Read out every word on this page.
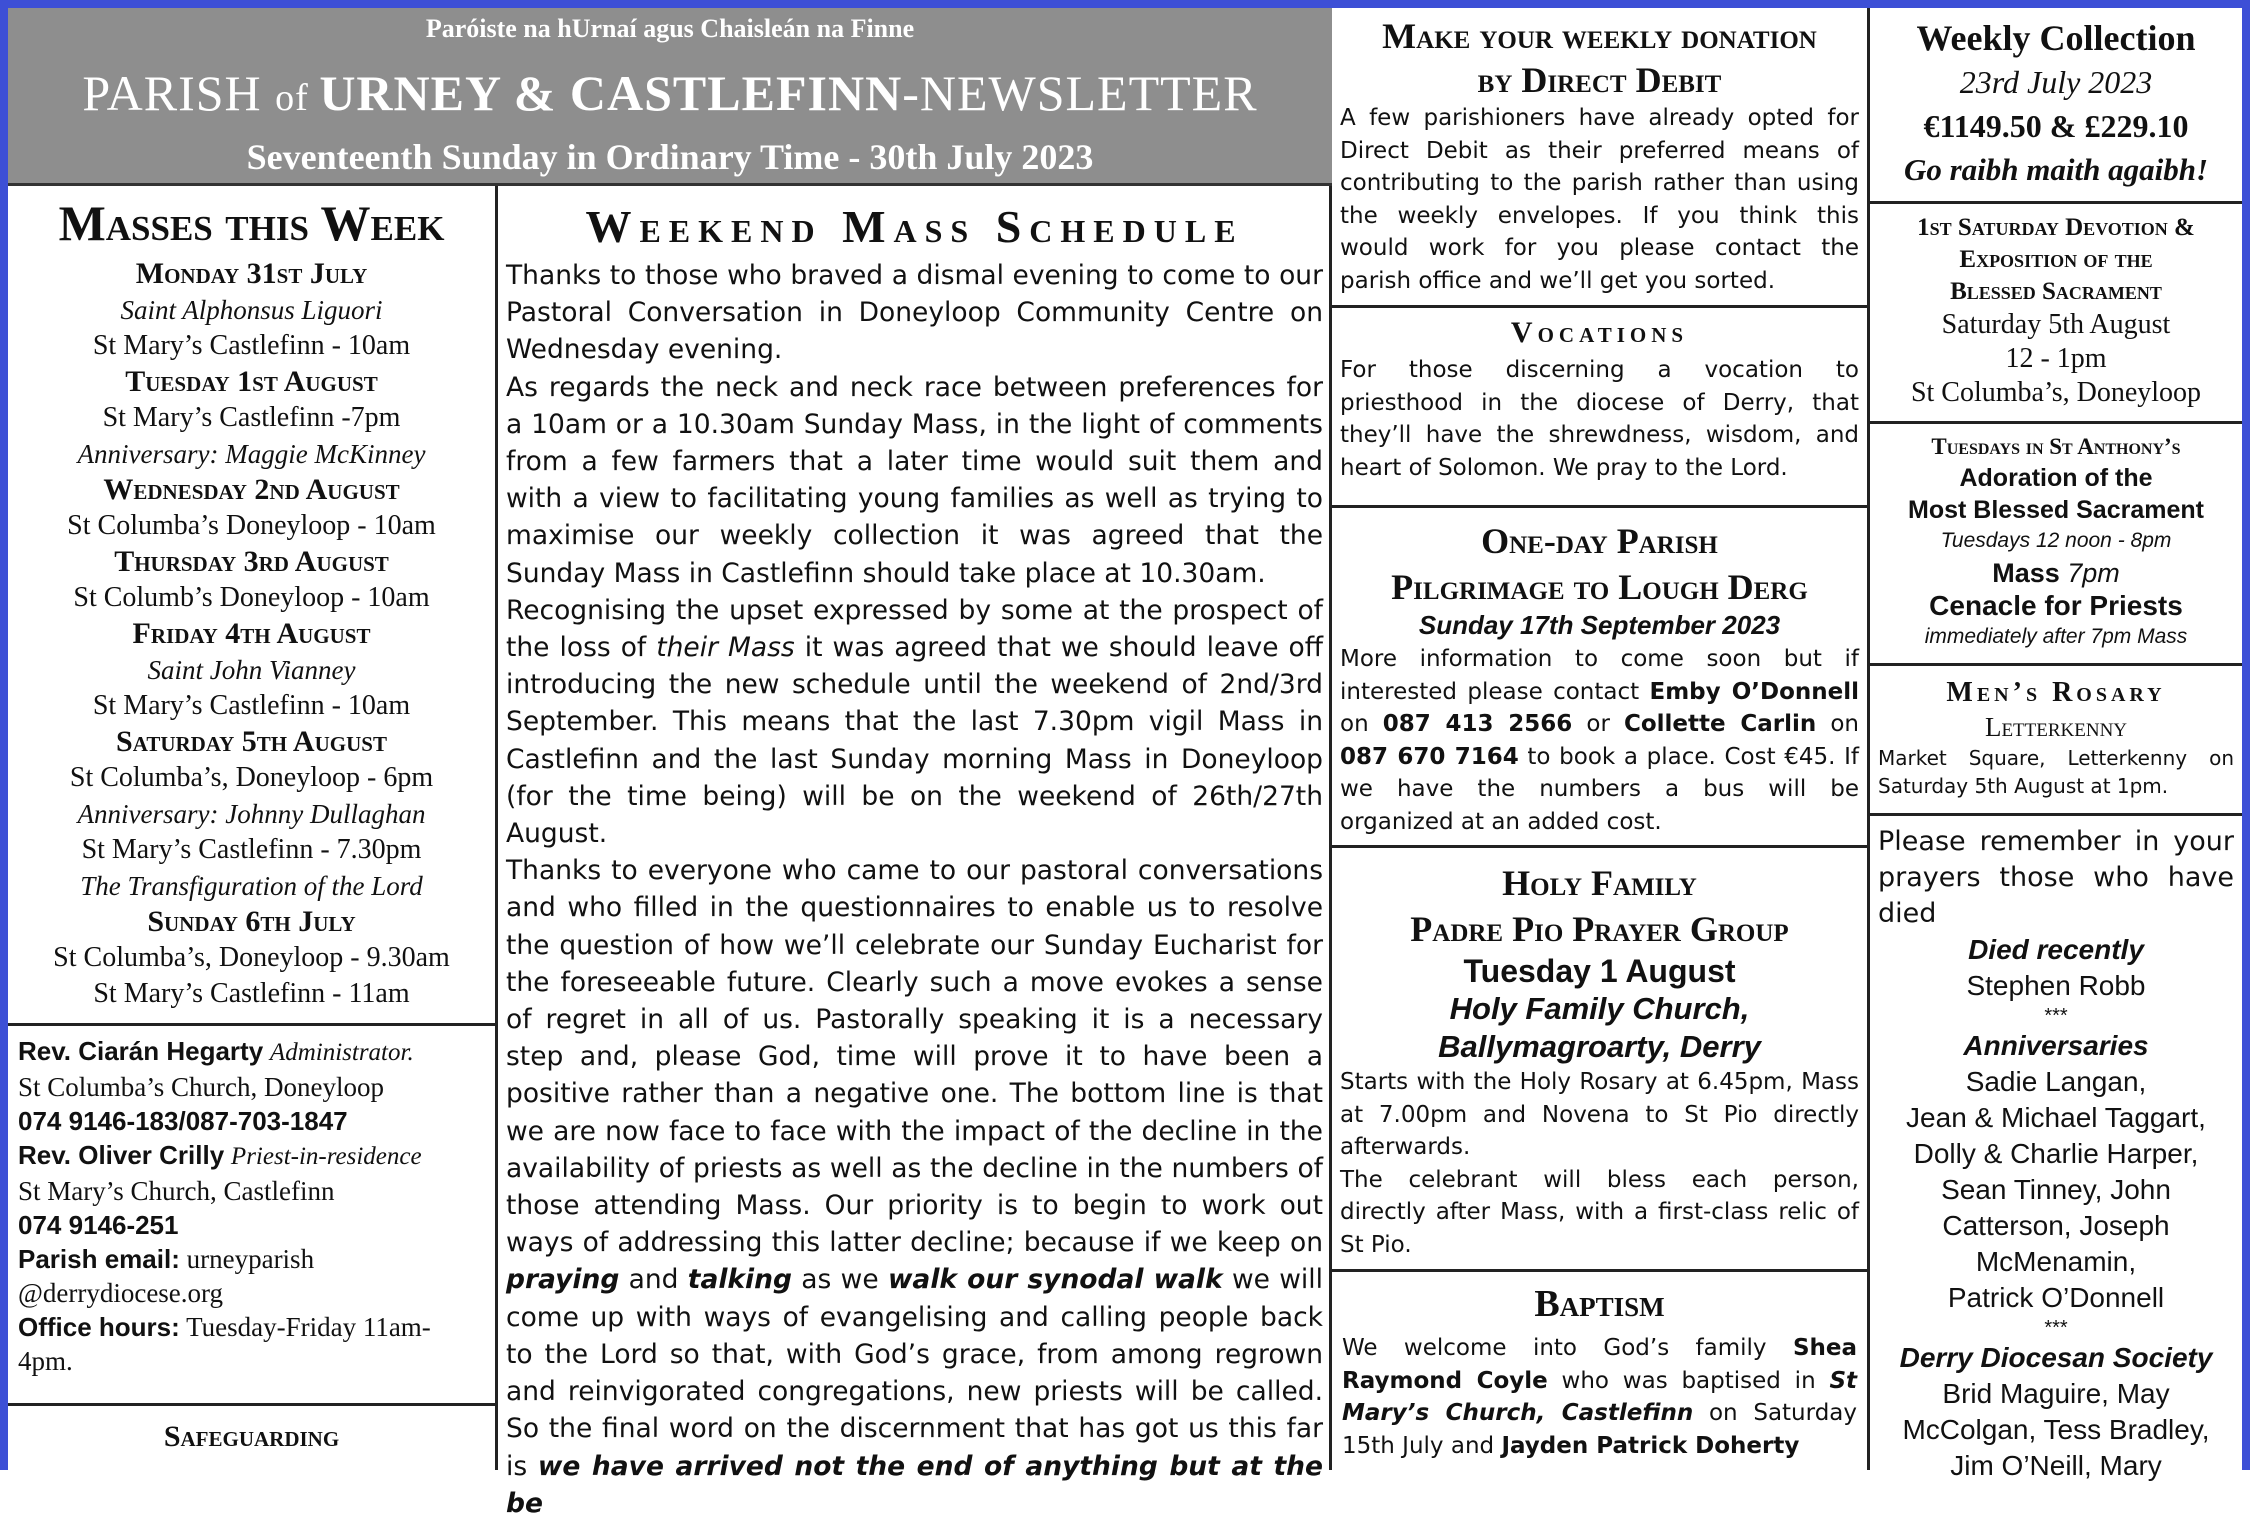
Paróiste na hUrnaí agus Chaisleán na Finne
PARISH of URNEY & CASTLEFINN-NEWSLETTER
Seventeenth Sunday in Ordinary Time - 30th July 2023
Masses this Week
Monday 31st July
Saint Alphonsus Liguori
St Mary’s Castlefinn - 10am
Tuesday 1st August
St Mary’s Castlefinn -7pm
Anniversary: Maggie McKinney
Wednesday 2nd August
St Columba’s Doneyloop - 10am
Thursday 3rd August
St Columb’s Doneyloop - 10am
Friday 4th August
Saint John Vianney
St Mary’s Castlefinn - 10am
Saturday 5th August
St Columba’s, Doneyloop - 6pm
Anniversary: Johnny Dullaghan
St Mary’s Castlefinn - 7.30pm
The Transfiguration of the Lord
Sunday 6th July
St Columba’s, Doneyloop - 9.30am
St Mary’s Castlefinn - 11am
Rev. Ciarán Hegarty Administrator.
St Columba’s Church, Doneyloop
074 9146-183/087-703-1847
Rev. Oliver Crilly Priest-in-residence
St Mary’s Church, Castlefinn
074 9146-251
Parish email: urneyparish @derrydiocese.org
Office hours: Tuesday-Friday 11am-4pm.
Safeguarding
Weekend Mass Schedule

Thanks to those who braved a dismal evening to come to our Pastoral Conversation in Doneyloop Community Centre on Wednesday evening.

As regards the neck and neck race between preferences for a 10am or a 10.30am Sunday Mass, in the light of comments from a few farmers that a later time would suit them and with a view to facilitating young families as well as trying to maximise our weekly collection it was agreed that the Sunday Mass in Castlefinn should take place at 10.30am.

Recognising the upset expressed by some at the prospect of the loss of their Mass it was agreed that we should leave off introducing the new schedule until the weekend of 2nd/3rd September. This means that the last 7.30pm vigil Mass in Castlefinn and the last Sunday morning Mass in Doneyloop (for the time being) will be on the weekend of 26th/27th August.

Thanks to everyone who came to our pastoral conversations and who filled in the questionnaires to enable us to resolve the question of how we’ll celebrate our Sunday Eucharist for the foreseeable future. Clearly such a move evokes a sense of regret in all of us. Pastorally speaking it is a necessary step and, please God, time will prove it to have been a positive rather than a negative one. The bottom line is that we are now face to face with the impact of the decline in the availability of priests as well as the decline in the numbers of those attending Mass. Our priority is to begin to work out ways of addressing this latter decline; because if we keep on praying and talking as we walk our synodal walk we will come up with ways of evangelising and calling people back to the Lord so that, with God’s grace, from among regrown and reinvigorated congregations, new priests will be called. So the final word on the discernment that has got us this far is we have arrived not the end of anything but at the be

Make your weekly donation
by Direct Debit

A few parishioners have already opted for Direct Debit as their preferred means of contributing to the parish rather than using the weekly envelopes. If you think this would work for you please contact the parish office and we’ll get you sorted.

Vocations

For those discerning a vocation to priesthood in the diocese of Derry, that they’ll have the shrewdness, wisdom, and heart of Solomon. We pray to the Lord.

One-day Parish
Pilgrimage to Lough Derg
Sunday 17th September 2023

More information to come soon but if interested please contact Emby O’Donnell on 087 413 2566 or Collette Carlin on 087 670 7164 to book a place. Cost €45. If we have the numbers a bus will be organized at an added cost.

Holy Family
Padre Pio Prayer Group
Tuesday 1 August
Holy Family Church,
Ballymagroarty, Derry

Starts with the Holy Rosary at 6.45pm, Mass at 7.00pm and Novena to St Pio directly afterwards.

The celebrant will bless each person, directly after Mass, with a first-class relic of St Pio.

Baptism

We welcome into God’s family Shea Raymond Coyle who was baptised in St Mary’s Church, Castlefinn on Saturday 15th July and Jayden Patrick Doherty

Weekly Collection
23rd July 2023
€1149.50 & £229.10
Go raibh maith agaibh!
1st Saturday Devotion &
Exposition of the
Blessed Sacrament
Saturday 5th August
12 - 1pm
St Columba’s, Doneyloop
Tuesdays in St Anthony’s
Adoration of the
Most Blessed Sacrament
Tuesdays 12 noon - 8pm
Mass 7pm
Cenacle for Priests
immediately after 7pm Mass
Men’s Rosary
Letterkenny

Market Square, Letterkenny on Saturday 5th August at 1pm.

Please remember in your prayers those who have died

Died recently
Stephen Robb
***
Anniversaries
Sadie Langan,
Jean & Michael Taggart,
Dolly & Charlie Harper,
Sean Tinney, John Catterson, Joseph McMenamin,
Patrick O’Donnell
***
Derry Diocesan Society
Brid Maguire, May McColgan, Tess Bradley, Jim O’Neill, Mary
